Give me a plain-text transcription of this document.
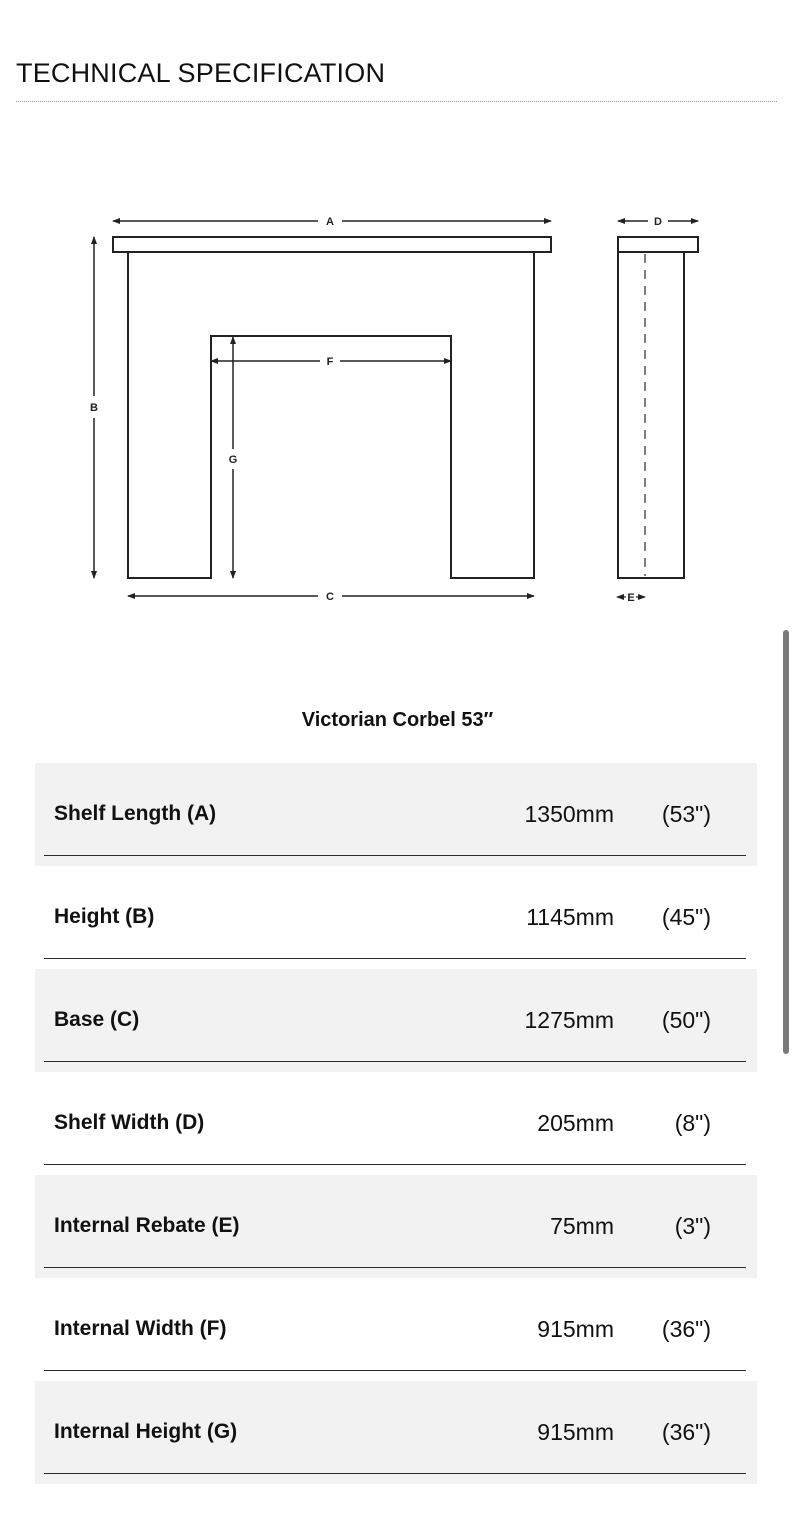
TECHNICAL SPECIFICATION
A
B
C
F
G
D
E
Victorian Corbel 53″
Shelf Length (A)	1350mm (53")
Height (B)	1145mm (45")
Base (C)	1275mm (50")
Shelf Width (D)	205mm	(8")
Internal Rebate (E)	75mm	(3")
Internal Width (F)	915mm (36")
Internal Height (G)	915mm (36")
